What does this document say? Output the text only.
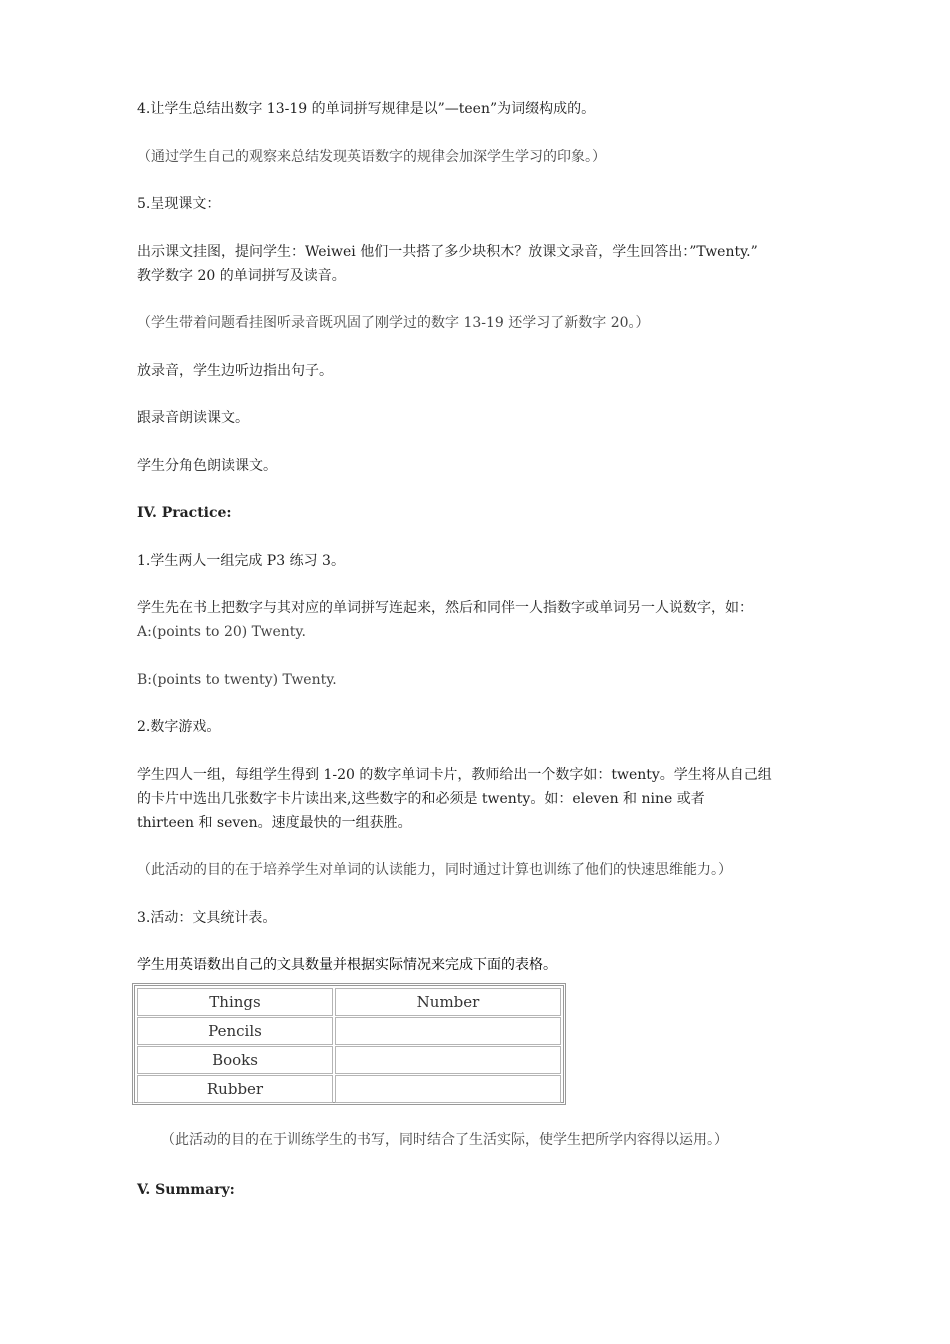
4.让学生总结出数字 13-19 的单词拼写规律是以”—teen”为词缀构成的。

（通过学生自己的观察来总结发现英语数字的规律会加深学生学习的印象。）

5.呈现课文：

出示课文挂图，提问学生：Weiwei 他们一共搭了多少块积木？放课文录音，学生回答出：”Twenty.”

教学数字 20 的单词拼写及读音。

（学生带着问题看挂图听录音既巩固了刚学过的数字 13-19 还学习了新数字 20。）

放录音，学生边听边指出句子。

跟录音朗读课文。

学生分角色朗读课文。

IV. Practice:

1.学生两人一组完成 P3 练习 3。

学生先在书上把数字与其对应的单词拼写连起来，然后和同伴一人指数字或单词另一人说数字，如：

A:(points to 20) Twenty.

B:(points to twenty) Twenty.

2.数字游戏。

学生四人一组，每组学生得到 1-20 的数字单词卡片，教师给出一个数字如：twenty。学生将从自己组

的卡片中选出几张数字卡片读出来,这些数字的和必须是 twenty。如：eleven 和 nine 或者

thirteen 和 seven。速度最快的一组获胜。

（此活动的目的在于培养学生对单词的认读能力，同时通过计算也训练了他们的快速思维能力。）

3.活动：文具统计表。

学生用英语数出自己的文具数量并根据实际情况来完成下面的表格。

Things	Number
Pencils
Books
Rubber

（此活动的目的在于训练学生的书写，同时结合了生活实际，使学生把所学内容得以运用。）

V. Summary:
